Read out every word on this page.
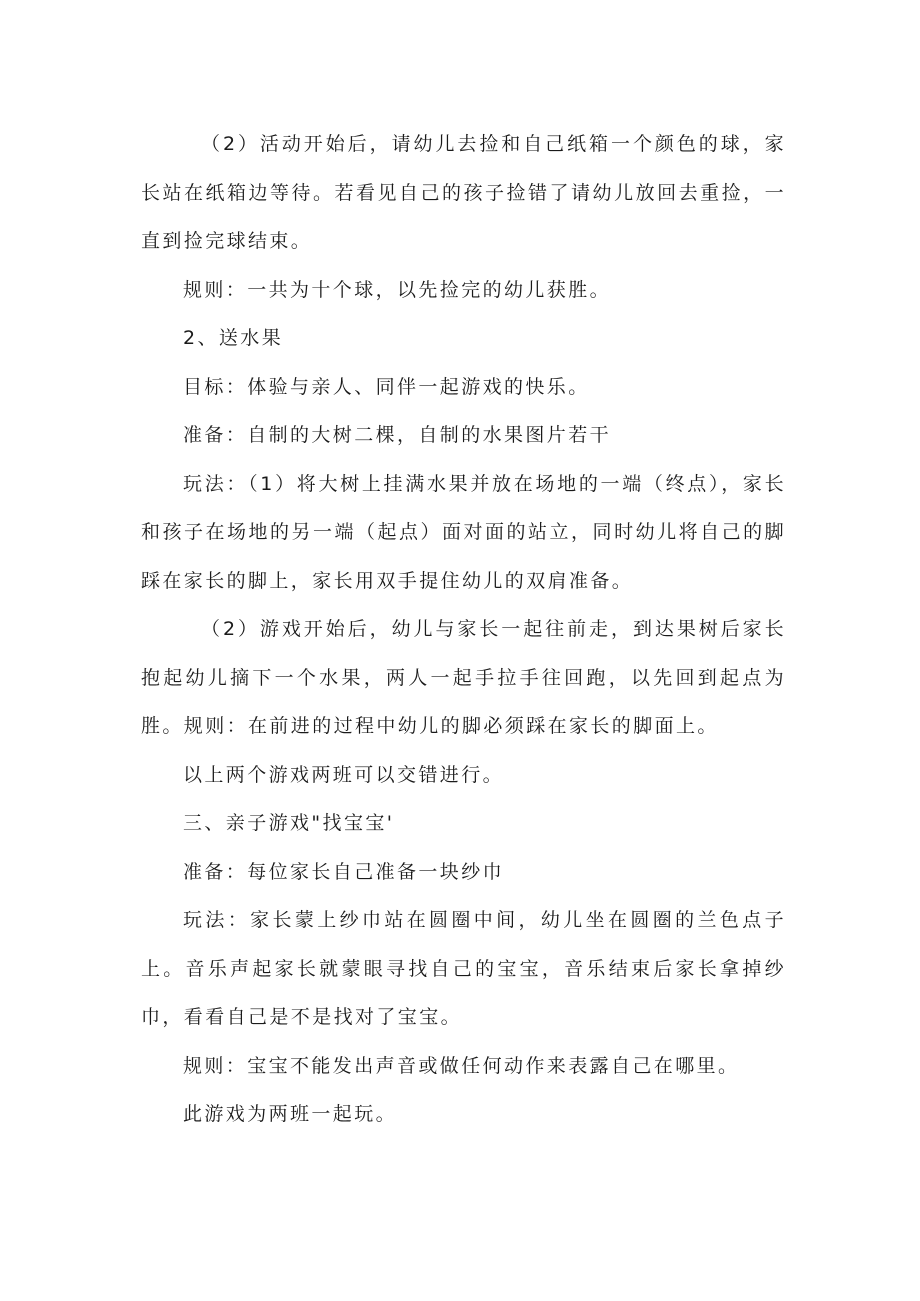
（2）活动开始后，请幼儿去捡和自己纸箱一个颜色的球，家长站在纸箱边等待。若看见自己的孩子捡错了请幼儿放回去重捡，一直到捡完球结束。

规则：一共为十个球，以先捡完的幼儿获胜。

2、送水果

目标：体验与亲人、同伴一起游戏的快乐。

准备：自制的大树二棵，自制的水果图片若干

玩法：（1）将大树上挂满水果并放在场地的一端（终点），家长和孩子在场地的另一端（起点）面对面的站立，同时幼儿将自己的脚踩在家长的脚上，家长用双手提住幼儿的双肩准备。

（2）游戏开始后，幼儿与家长一起往前走，到达果树后家长抱起幼儿摘下一个水果，两人一起手拉手往回跑，以先回到起点为胜。规则：在前进的过程中幼儿的脚必须踩在家长的脚面上。

以上两个游戏两班可以交错进行。

三、亲子游戏"找宝宝'

准备：每位家长自己准备一块纱巾

玩法：家长蒙上纱巾站在圆圈中间，幼儿坐在圆圈的兰色点子上。音乐声起家长就蒙眼寻找自己的宝宝，音乐结束后家长拿掉纱巾，看看自己是不是找对了宝宝。

规则：宝宝不能发出声音或做任何动作来表露自己在哪里。

此游戏为两班一起玩。
